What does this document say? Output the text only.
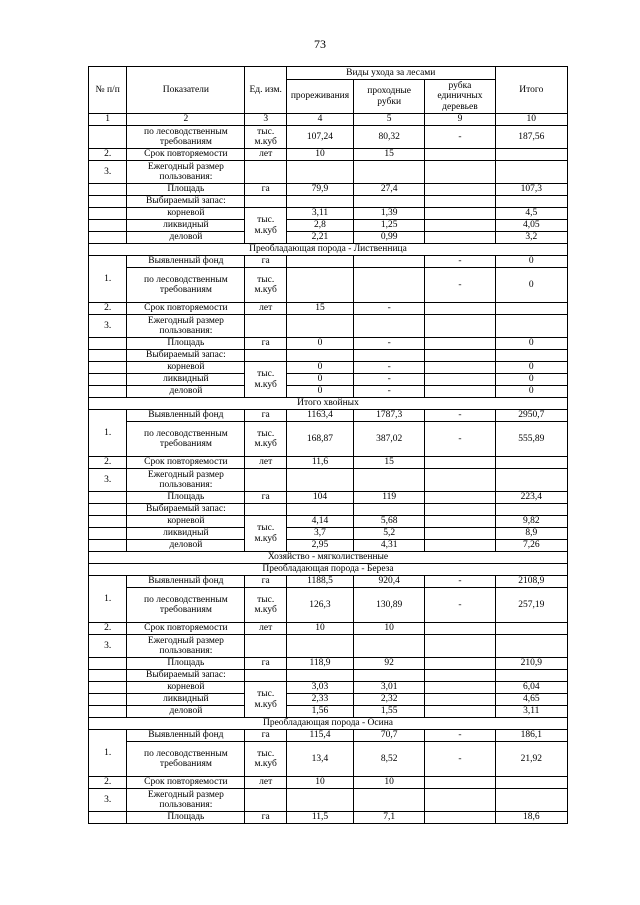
73
№ п/п	Показатели	Ед. изм.	Виды ухода за лесами			Итого
			прореживания	проходные рубки	рубка единичных деревьев	
1	2	3	4	5	9	10
	по лесоводственным требованиям	тыс. м.куб	107,24	80,32	-	187,56
2.	Срок повторяемости	лет	10	15		
3.	Ежегодный размер пользования:					
	Площадь	га	79,9	27,4		107,3
	Выбираемый запас:					
	корневой	тыс. м.куб	3,11	1,39		4,5
	ликвидный		2,8	1,25		4,05
	деловой		2,21	0,99		3,2
Преобладающая порода - Лиственница						
1.	Выявленный фонд	га			-	0
	по лесоводственным требованиям	тыс. м.куб			-	0

2.	Срок повторяемости	лет	15	-		
3.	Ежегодный размер пользования:					
	Площадь	га	0	-		0
	Выбираемый запас:					
	корневой	тыс. м.куб	0	-		0
	ликвидный		0	-		0
	деловой		0	-		0
Итого хвойных						
1.	Выявленный фонд	га	1163,4	1787,3	-	2950,7
	по лесоводственным требованиям	тыс. м.куб	168,87	387,02	-	555,89

2.	Срок повторяемости	лет	11,6	15		
3.	Ежегодный размер пользования:					
	Площадь	га	104	119		223,4
	Выбираемый запас:					
	корневой	тыс. м.куб	4,14	5,68		9,82
	ликвидный		3,7	5,2		8,9
	деловой		2,95	4,31		7,26
Хозяйство - мягколиственные						
Преобладающая порода - Береза						
1.	Выявленный фонд	га	1188,5	920,4	-	2108,9
	по лесоводственным требованиям	тыс. м.куб	126,3	130,89	-	257,19

2.	Срок повторяемости	лет	10	10		
3.	Ежегодный размер пользования:					
	Площадь	га	118,9	92		210,9
	Выбираемый запас:					
	корневой	тыс. м.куб	3,03	3,01		6,04
	ликвидный		2,33	2,32		4,65
	деловой		1,56	1,55		3,11
Преобладающая порода - Осина						
1.	Выявленный фонд	га	115,4	70,7	-	186,1
	по лесоводственным требованиям	тыс. м.куб	13,4	8,52	-	21,92

2.	Срок повторяемости	лет	10	10		
3.	Ежегодный размер пользования:					
	Площадь	га	11,5	7,1		18,6
